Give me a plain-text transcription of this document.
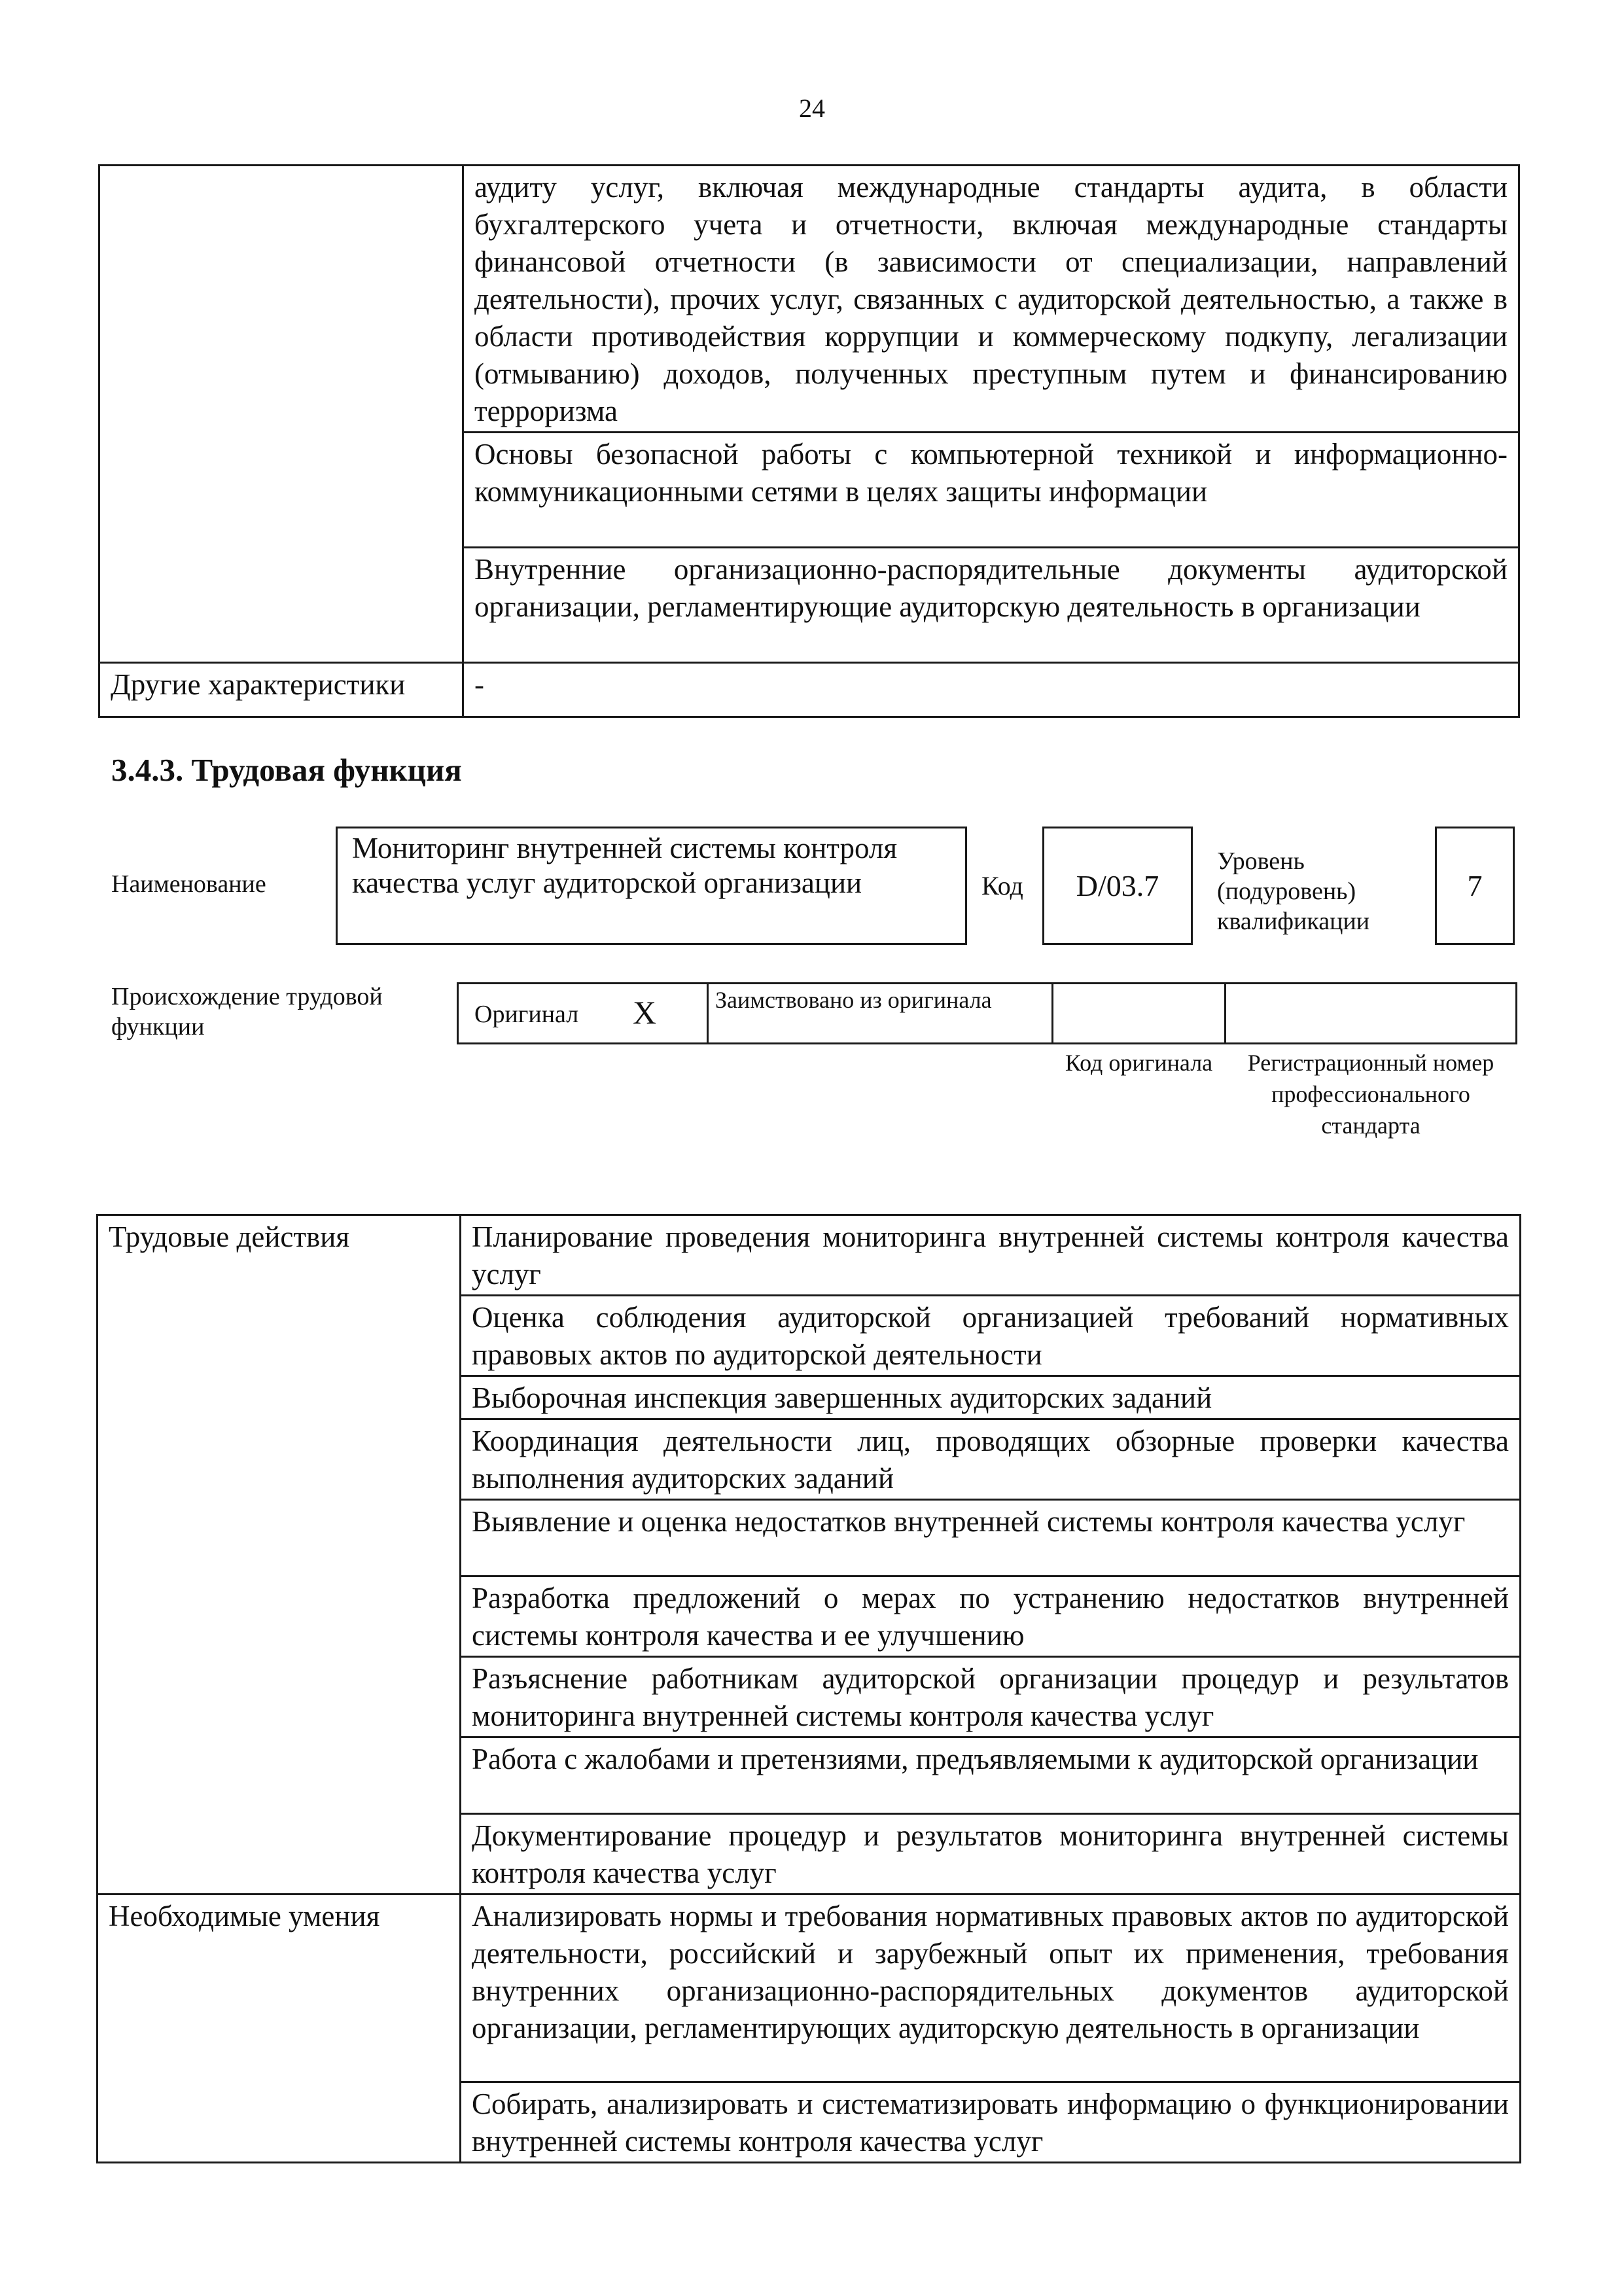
24
	аудиту услуг, включая международные стандарты аудита, в области бухгалтерского учета и отчетности, включая международные стандарты финансовой отчетности (в зависимости от специализации, направлений деятельности), прочих услуг, связанных с аудиторской деятельностью, а также в области противодействия коррупции и коммерческому подкупу, легализации (отмыванию) доходов, полученных преступным путем и финансированию терроризма
	Основы безопасной работы с компьютерной техникой и информационно-коммуникационными сетями в целях защиты информации
	Внутренние организационно-распорядительные документы аудиторской организации, регламентирующие аудиторскую деятельность в организации
Другие характеристики	-
3.4.3. Трудовая функция
Наименование
Мониторинг внутренней системы контроля качества услуг аудиторской организации	Код D/03.7
Уровень (подуровень) квалификации
7
Происхождение трудовой функции	Оригинал X Заимствовано из оригинала
Код оригинала	Регистрационный номер профессионального стандарта
Трудовые действия	Планирование проведения мониторинга внутренней системы контроля качества услуг
	Оценка соблюдения аудиторской организацией требований нормативных правовых актов по аудиторской деятельности
	Выборочная инспекция завершенных аудиторских заданий
	Координация деятельности лиц, проводящих обзорные проверки качества выполнения аудиторских заданий
	Выявление и оценка недостатков внутренней системы контроля качества услуг
	Разработка предложений о мерах по устранению недостатков внутренней системы контроля качества и ее улучшению
	Разъяснение работникам аудиторской организации процедур и результатов мониторинга внутренней системы контроля качества услуг
	Работа с жалобами и претензиями, предъявляемыми к аудиторской организации
	Документирование процедур и результатов мониторинга внутренней системы контроля качества услуг
Необходимые умения	Анализировать нормы и требования нормативных правовых актов по аудиторской деятельности, российский и зарубежный опыт их применения, требования внутренних организационно-распорядительных документов аудиторской организации, регламентирующих аудиторскую деятельность в организации
	Собирать, анализировать и систематизировать информацию о функционировании внутренней системы контроля качества услуг
